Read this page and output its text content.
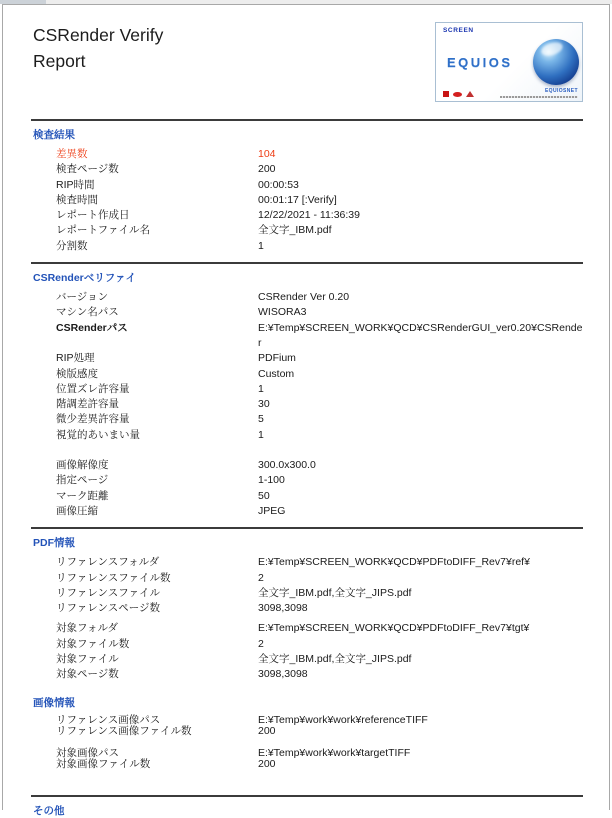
CSRender Verify
Report
SCREEN
EQUIOS
EQUIOSNET
検査結果
差異数	104
検査ページ数	200
RIP時間	00:00:53
検査時間	00:01:17 [:Verify]
レポート作成日	12/22/2021 - 11:36:39
レポートファイル名	全文字_IBM.pdf
分割数	1
CSRenderベリファイ
バージョン	CSRender Ver 0.20
マシン名パス	WISORA3
CSRenderパス	E:¥Temp¥SCREEN_WORK¥QCD¥CSRenderGUI_ver0.20¥CSRender
RIP処理	PDFium
検版感度	Custom
位置ズレ許容量	1
階調差許容量	30
微少差異許容量	5
視覚的あいまい量	1
画像解像度	300.0x300.0
指定ページ	1-100
マーク距離	50
画像圧縮	JPEG
PDF情報
リファレンスフォルダ	E:¥Temp¥SCREEN_WORK¥QCD¥PDFtoDIFF_Rev7¥ref¥
リファレンスファイル数	2
リファレンスファイル	全文字_IBM.pdf,全文字_JIPS.pdf
リファレンスページ数	3098,3098
対象フォルダ	E:¥Temp¥SCREEN_WORK¥QCD¥PDFtoDIFF_Rev7¥tgt¥
対象ファイル数	2
対象ファイル	全文字_IBM.pdf,全文字_JIPS.pdf
対象ページ数	3098,3098
画像情報
リファレンス画像パス	E:¥Temp¥work¥work¥referenceTIFF
リファレンス画像ファイル数	200
対象画像パス	E:¥Temp¥work¥work¥targetTIFF
対象画像ファイル数	200
その他
